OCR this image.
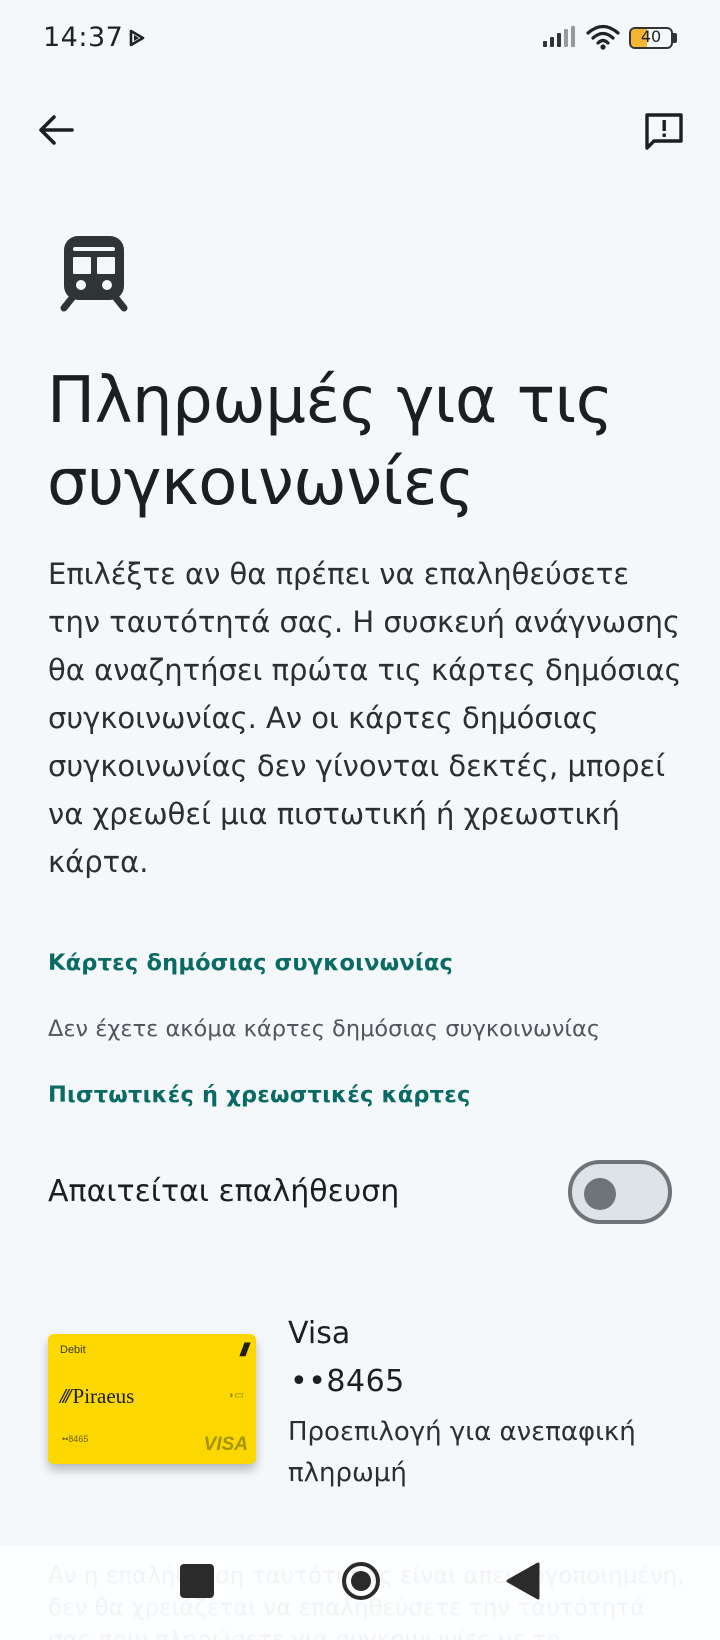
14:37	40
Πληρωμές για τις συγκοινωνίες

Επιλέξτε αν θα πρέπει να επαληθεύσετε την ταυτότητά σας. Η συσκευή ανάγνωσης θα αναζητήσει πρώτα τις κάρτες δημόσιας συγκοινωνίας. Αν οι κάρτες δημόσιας συγκοινωνίας δεν γίνονται δεκτές, μπορεί να χρεωθεί μια πιστωτική ή χρεωστική κάρτα.

Κάρτες δημόσιας συγκοινωνίας
Δεν έχετε ακόμα κάρτες δημόσιας συγκοινωνίας
Πιστωτικές ή χρεωστικές κάρτες
Απαιτείται επαλήθευση
Debit	///
/// Piraeus	◗▭
••8465	VISA
Visa
••8465
Προεπιλογή για ανεπαφική πληρωμή
